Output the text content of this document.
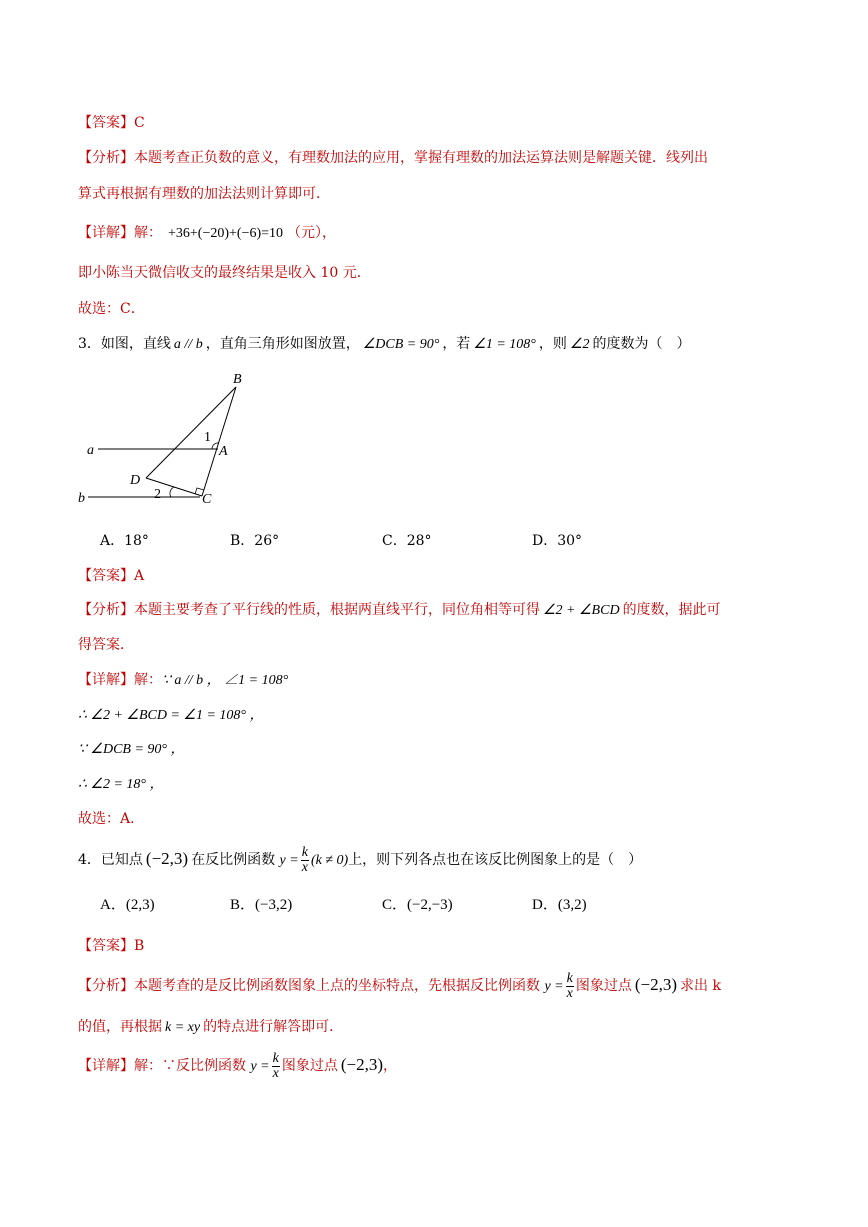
【答案】C
【分析】本题考查正负数的意义，有理数加法的应用，掌握有理数的加法运算法则是解题关键．线列出
算式再根据有理数的加法法则计算即可．
【详解】解： +36+(−20)+(−6)=10 （元），
即小陈当天微信收支的最终结果是收入 10 元．
故选：C．
3．如图，直线 a // b ，直角三角形如图放置， ∠DCB = 90° ，若 ∠1 = 108° ，则 ∠2 的度数为（　）
B
A
a
b	C
D
1
2
A．18°	B．26°	C．28°	D．30°
【答案】A
【分析】本题主要考查了平行线的性质，根据两直线平行，同位角相等可得 ∠2 + ∠BCD 的度数，据此可
得答案．
【详解】解：∵ a // b ， ∠1 = 108°
∴ ∠2 + ∠BCD = ∠1 = 108° ，
∵ ∠DCB = 90° ，
∴ ∠2 = 18° ，
故选：A．
4．已知点 (−2,3) 在反比例函数 $y = \frac{k}{x} (k \ne 0)$上，则下列各点也在该反比例图象上的是（　）
A．(2,3)	B．(−3,2)	C．(−2,−3)	D．(3,2)
【答案】B
【分析】本题考查的是反比例函数图象上点的坐标特点，先根据反比例函数 $y = \frac{k}{x}$ 图象过点 (−2,3) 求出 k
的值，再根据 k = xy 的特点进行解答即可．
【详解】解：∵反比例函数 $y = \frac{k}{x}$ 图象过点 (−2,3)，
